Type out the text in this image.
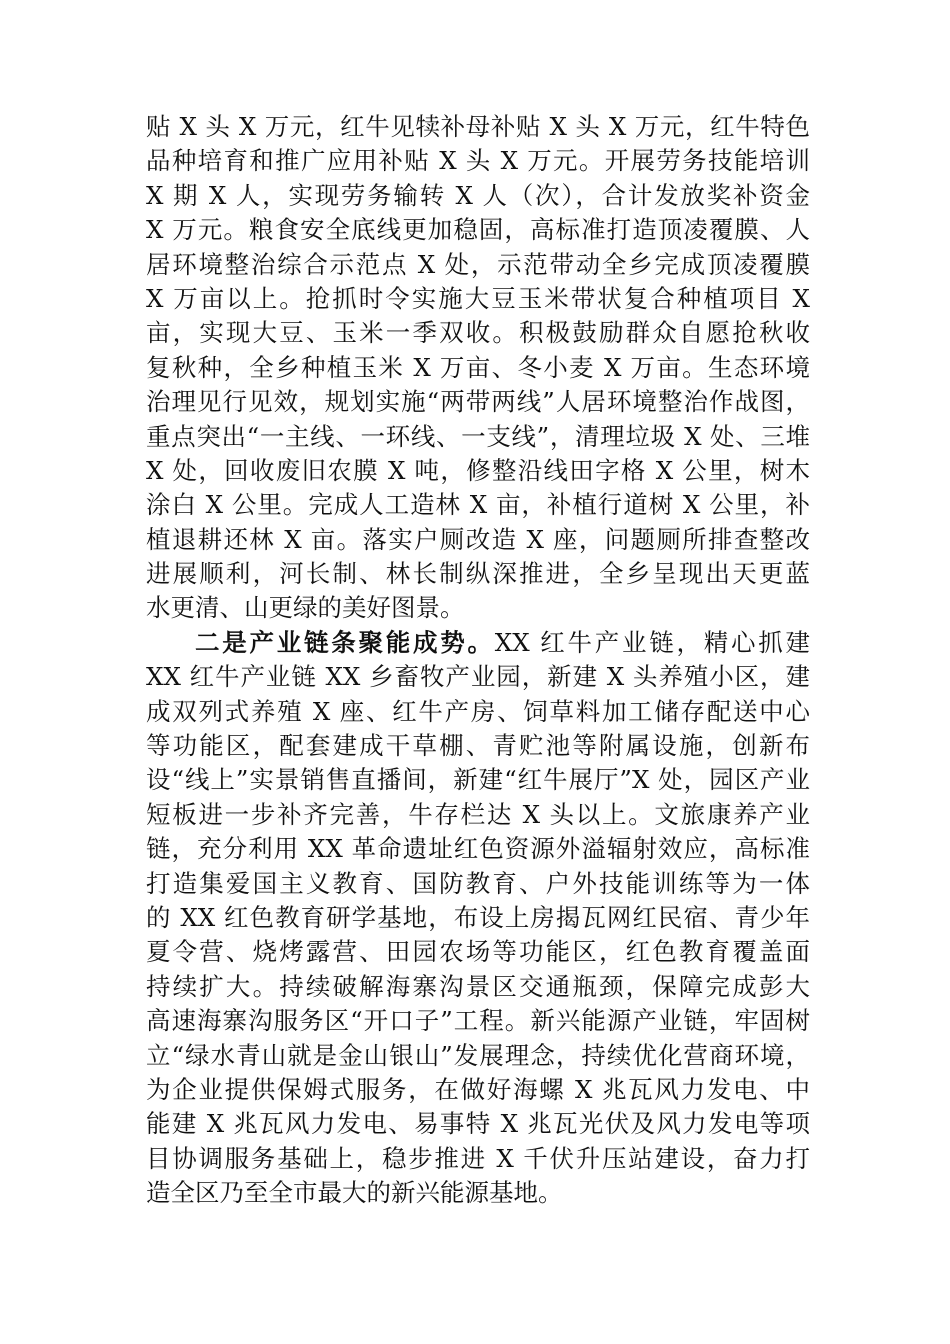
贴 X 头 X 万元，红牛见犊补母补贴 X 头 X 万元，红牛特色
品种培育和推广应用补贴 X 头 X 万元。开展劳务技能培训
X 期 X 人，实现劳务输转 X 人（次），合计发放奖补资金
X 万元。粮食安全底线更加稳固，高标准打造顶凌覆膜、人
居环境整治综合示范点 X 处，示范带动全乡完成顶凌覆膜
X 万亩以上。抢抓时令实施大豆玉米带状复合种植项目 X
亩，实现大豆、玉米一季双收。积极鼓励群众自愿抢秋收
复秋种，全乡种植玉米 X 万亩、冬小麦 X 万亩。生态环境
治理见行见效，规划实施“两带两线”人居环境整治作战图，
重点突出“一主线、一环线、一支线”，清理垃圾 X 处、三堆
X 处，回收废旧农膜 X 吨，修整沿线田字格 X 公里，树木
涂白 X 公里。完成人工造林 X 亩，补植行道树 X 公里，补
植退耕还林 X 亩。落实户厕改造 X 座，问题厕所排查整改
进展顺利，河长制、林长制纵深推进，全乡呈现出天更蓝
水更清、山更绿的美好图景。
二是产业链条聚能成势。XX 红牛产业链，精心抓建
XX 红牛产业链 XX 乡畜牧产业园，新建 X 头养殖小区，建
成双列式养殖 X 座、红牛产房、饲草料加工储存配送中心
等功能区，配套建成干草棚、青贮池等附属设施，创新布
设“线上”实景销售直播间，新建“红牛展厅”X 处，园区产业
短板进一步补齐完善，牛存栏达 X 头以上。文旅康养产业
链，充分利用 XX 革命遗址红色资源外溢辐射效应，高标准
打造集爱国主义教育、国防教育、户外技能训练等为一体
的 XX 红色教育研学基地，布设上房揭瓦网红民宿、青少年
夏令营、烧烤露营、田园农场等功能区，红色教育覆盖面
持续扩大。持续破解海寨沟景区交通瓶颈，保障完成彭大
高速海寨沟服务区“开口子”工程。新兴能源产业链，牢固树
立“绿水青山就是金山银山”发展理念，持续优化营商环境，
为企业提供保姆式服务，在做好海螺 X 兆瓦风力发电、中
能建 X 兆瓦风力发电、易事特 X 兆瓦光伏及风力发电等项
目协调服务基础上，稳步推进 X 千伏升压站建设，奋力打
造全区乃至全市最大的新兴能源基地。
